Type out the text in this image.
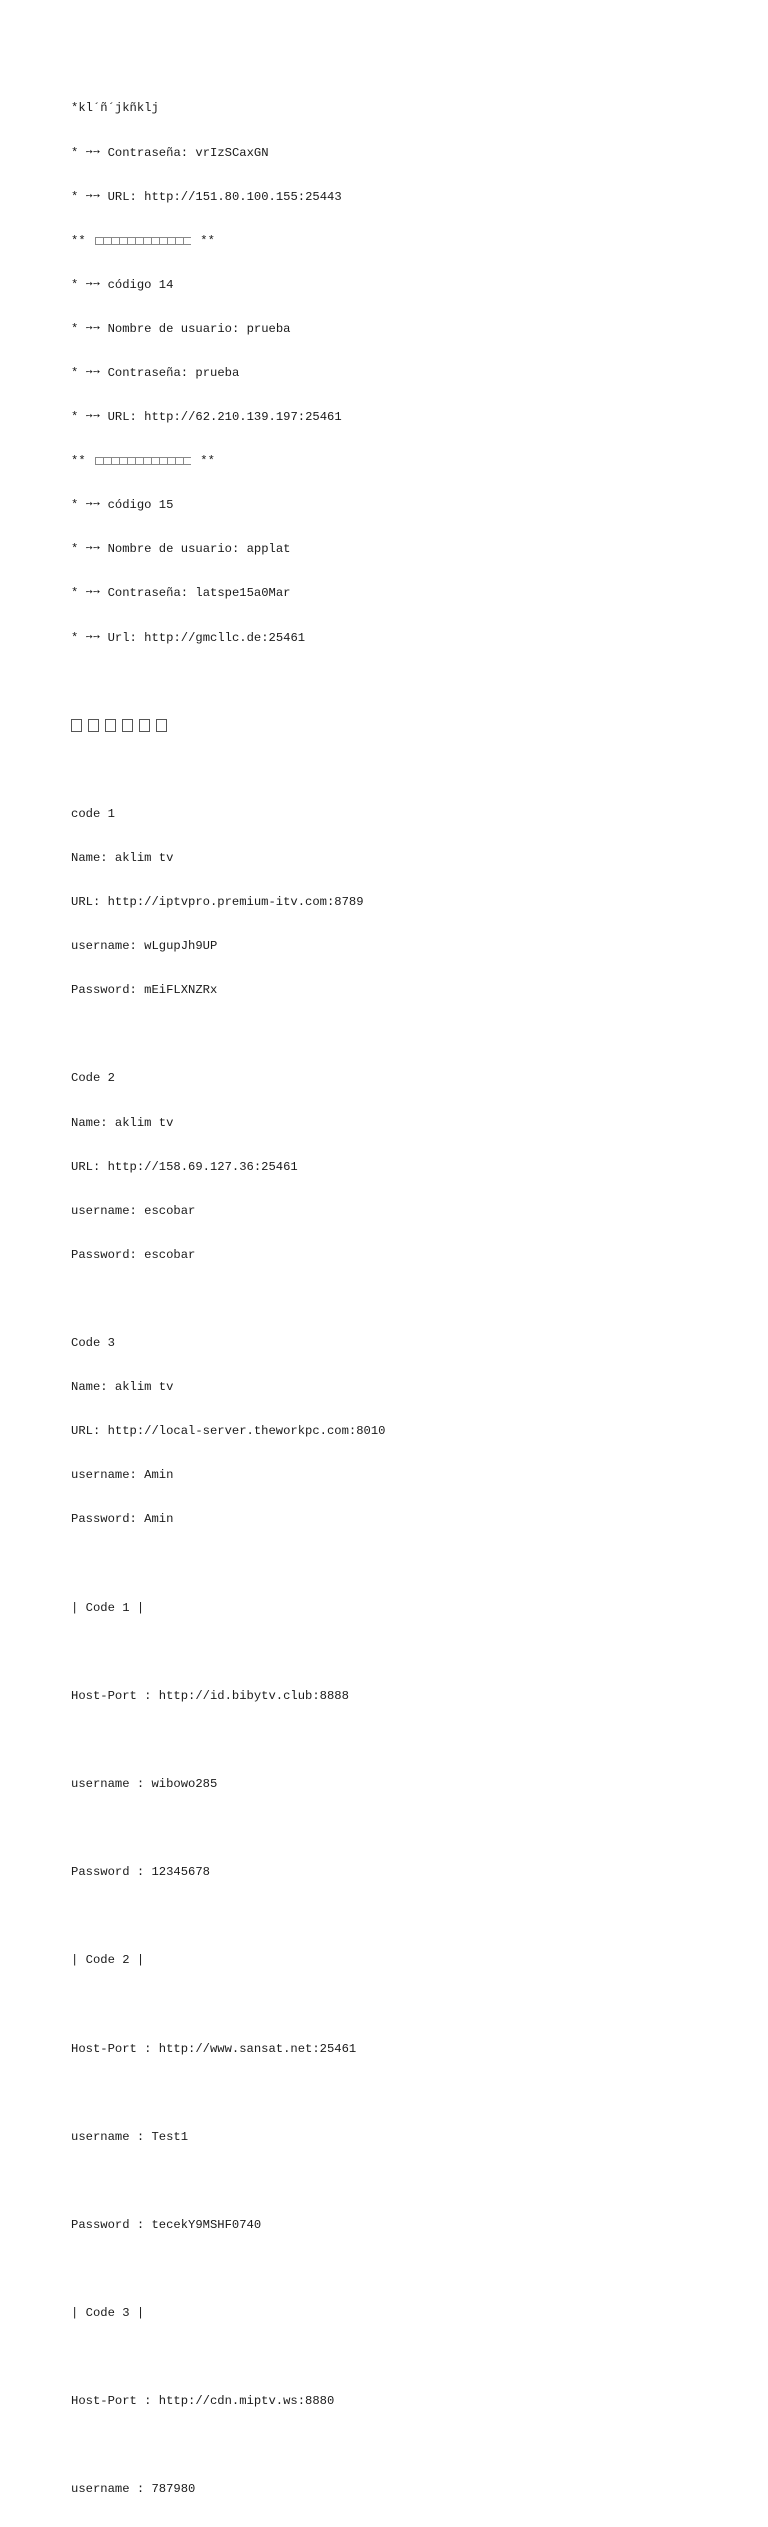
*kl´ñ´jkñklj

* ➙➙ Contraseña: vrIzSCaxGN

* ➙➙ URL: http://151.80.100.155:25443

**	**

* ➙➙ código 14

* ➙➙ Nombre de usuario: prueba

* ➙➙ Contraseña: prueba

* ➙➙ URL: http://62.210.139.197:25461

**	**

* ➙➙ código 15

* ➙➙ Nombre de usuario: applat

* ➙➙ Contraseña: latspe15a0Mar

* ➙➙ Url: http://gmcllc.de:25461

code 1

Name: aklim tv

URL: http://iptvpro.premium-itv.com:8789

username: wLgupJh9UP

Password: mEiFLXNZRx

Code 2

Name: aklim tv

URL: http://158.69.127.36:25461

username: escobar

Password: escobar

Code 3

Name: aklim tv

URL: http://local-server.theworkpc.com:8010

username: Amin

Password: Amin

| Code 1 |

Host-Port : http://id.bibytv.club:8888

username : wibowo285

Password : 12345678

| Code 2 |

Host-Port : http://www.sansat.net:25461

username : Test1

Password : tecekY9MSHF0740

| Code 3 |

Host-Port : http://cdn.miptv.ws:8880

username : 787980
